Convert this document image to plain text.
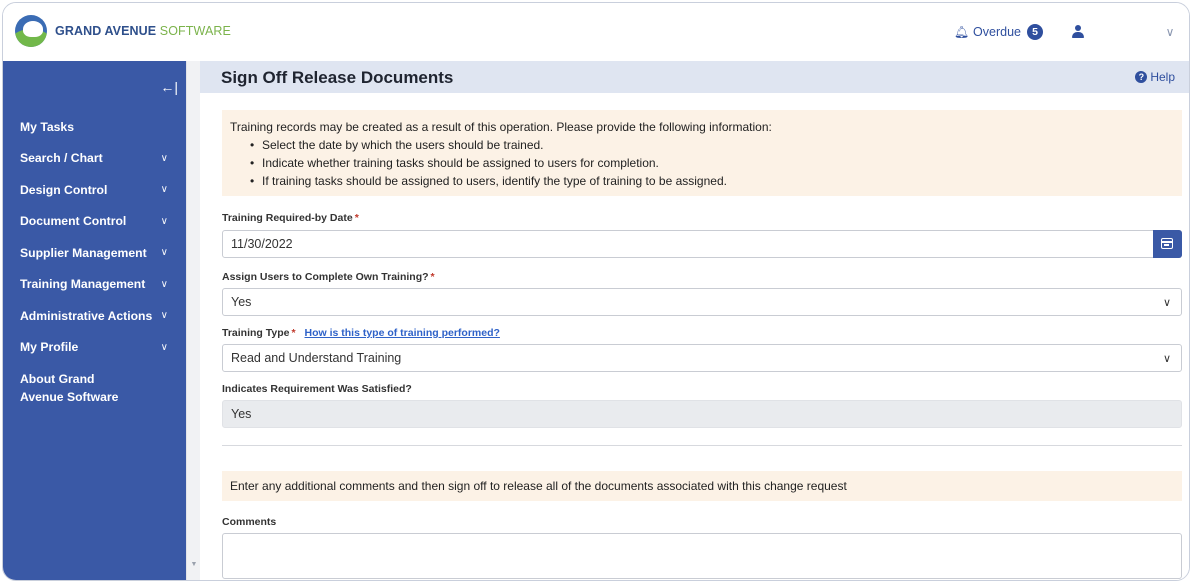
GRAND AVENUE SOFTWARE	🔔︎ Overdue	5	∨
←|
My Tasks
Search / Chart	∨
Design Control	∨
Document Control	∨
Supplier Management ∨
Training Management ∨
Administrative Actions ∨
My Profile	∨
About Grand Avenue Software
▼
Sign Off Release Documents	? Help
Training records may be created as a result of this operation. Please provide the following information:
• Select the date by which the users should be trained.
• Indicate whether training tasks should be assigned to users for completion.
• If training tasks should be assigned to users, identify the type of training to be assigned.
Training Required-by Date *
11/30/2022
Assign Users to Complete Own Training? *
Yes	∨
Training Type * How is this type of training performed?
Read and Understand Training	∨
Indicates Requirement Was Satisfied?
Yes
Enter any additional comments and then sign off to release all of the documents associated with this change request
Comments
